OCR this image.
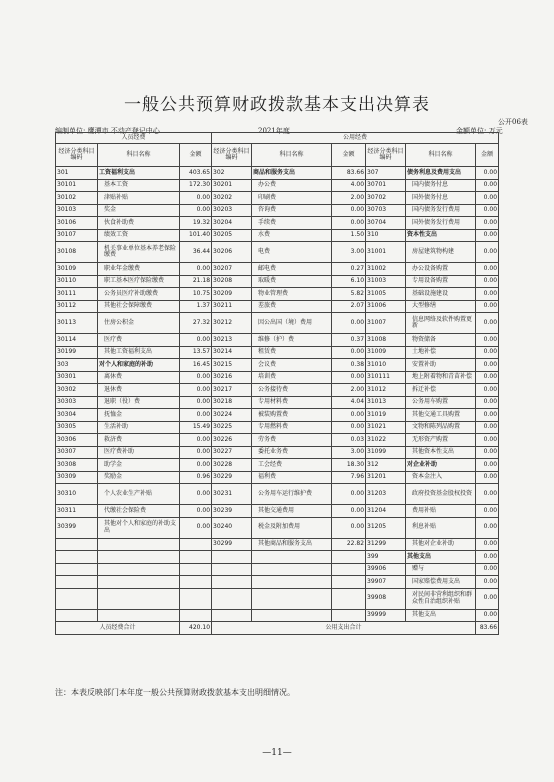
一般公共预算财政拨款基本支出决算表
公开06表
编制单位: 鹰潭市 不动产登记中心	2021年度	金额单位: 万元
人员经费			公用经费					
经济分类科目编码	科目名称	金额	经济分类科目编码	科目名称	金额	经济分类科目编码	科目名称	金额
301	工资福利支出	403.65	302	商品和服务支出	83.66	307	债务利息及费用支出	0.00
30101	基本工资	172.30	30201	办公费	4.00	30701	国内债务付息	0.00
30102	津贴补贴	0.00	30202	印刷费	2.00	30702	国外债务付息	0.00
30103	奖金	0.00	30203	咨询费	0.00	30703	国内债务发行费用	0.00
30106	伙食补助费	19.32	30204	手续费	0.00	30704	国外债务发行费用	0.00
30107	绩效工资	101.40	30205	水费	1.50	310	资本性支出	0.00
30108	机关事业单位基本养老保险缴费	36.44	30206	电费	3.00	31001	房屋建筑物构建	0.00
30109	职业年金缴费	0.00	30207	邮电费	0.27	31002	办公设备购置	0.00
30110	职工基本医疗保险缴费	21.18	30208	取暖费	6.10	31003	专用设备购置	0.00
30111	公务员医疗补助缴费	10.75	30209	物业管理费	5.82	31005	基础设施建设	0.00
30112	其他社会保障缴费	1.37	30211	差旅费	2.07	31006	大型修缮	0.00
30113	住房公积金	27.32	30212	因公出国（境）费用	0.00	31007	信息网络及软件购置更新	0.00
30114	医疗费	0.00	30213	维修（护）费	0.37	31008	物资储备	0.00
30199	其他工资福利支出	13.57	30214	租赁费	0.00	31009	土地补偿	0.00
303	对个人和家庭的补助	16.45	30215	会议费	0.38	31010	安置补助	0.00
30301	离休费	0.00	30216	培训费	0.00	310111	地上附着物和青苗补偿	0.00
30302	退休费	0.00	30217	公务接待费	2.00	31012	拆迁补偿	0.00
30303	退职（役）费	0.00	30218	专用材料费	4.04	31013	公务用车购置	0.00
30304	抚恤金	0.00	30224	被装购置费	0.00	31019	其他交通工具购置	0.00
30305	生活补助	15.49	30225	专用燃料费	0.00	31021	文物和陈列品购置	0.00
30306	救济费	0.00	30226	劳务费	0.03	31022	无形资产购置	0.00
30307	医疗费补助	0.00	30227	委托业务费	3.00	31099	其他资本性支出	0.00
30308	助学金	0.00	30228	工会经费	18.30	312	对企业补助	0.00
30309	奖励金	0.96	30229	福利费	7.96	31201	资本金注入	0.00
30310	个人农业生产补贴	0.00	30231	公务用车运行维护费	0.00	31203	政府投资基金股权投资	0.00
30311	代缴社会保险费	0.00	30239	其他交通费用	0.00	31204	费用补贴	0.00
30399	其他对个人和家庭的补助支出	0.00	30240	税金及附加费用	0.00	31205	利息补贴	0.00
			30299	其他商品和服务支出	22.82	31299	其他对企业补助	0.00
						399	其他支出	0.00
						39906	赠与	0.00
						39907	国家赔偿费用支出	0.00
						39908	对民间非营利组织和群众性自治组织补贴	0.00
						39999	其他支出	0.00
人员经费合计		420.10	公用支出合计					83.66
注：本表反映部门本年度一般公共预算财政拨款基本支出明细情况。
—11—
